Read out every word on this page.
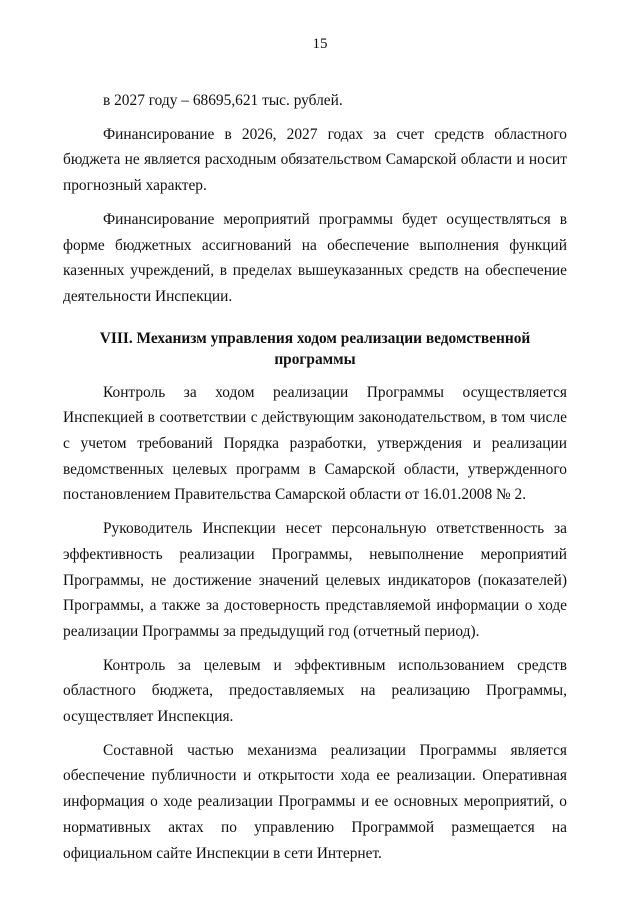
15

в 2027 году – 68695,621 тыс. рублей.

Финансирование в 2026, 2027 годах за счет средств областного бюджета не является расходным обязательством Самарской области и носит прогнозный характер.

Финансирование мероприятий программы будет осуществляться в форме бюджетных ассигнований на обеспечение выполнения функций казенных учреждений, в пределах вышеуказанных средств на обеспечение деятельности Инспекции.

VIII. Механизм управления ходом реализации ведомственной программы

Контроль за ходом реализации Программы осуществляется Инспекцией в соответствии с действующим законодательством, в том числе с учетом требований Порядка разработки, утверждения и реализации ведомственных целевых программ в Самарской области, утвержденного постановлением Правительства Самарской области от 16.01.2008 № 2.

Руководитель Инспекции несет персональную ответственность за эффективность реализации Программы, невыполнение мероприятий Программы, не достижение значений целевых индикаторов (показателей) Программы, а также за достоверность представляемой информации о ходе реализации Программы за предыдущий год (отчетный период).

Контроль за целевым и эффективным использованием средств областного бюджета, предоставляемых на реализацию Программы, осуществляет Инспекция.

Составной частью механизма реализации Программы является обеспечение публичности и открытости хода ее реализации. Оперативная информация о ходе реализации Программы и ее основных мероприятий, о нормативных актах по управлению Программой размещается на официальном сайте Инспекции в сети Интернет.
